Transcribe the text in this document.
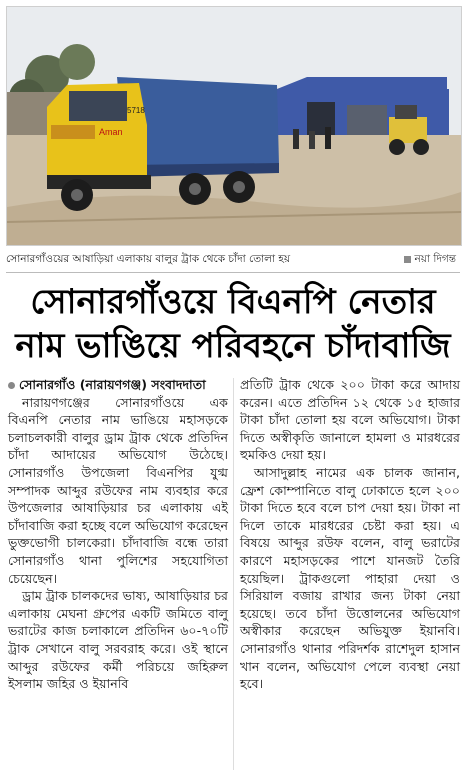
Aman
5718
সোনারগাঁওয়ের আষাড়িয়া এলাকায় বালুর ট্রাক থেকে চাঁদা তোলা হয়	নয়া দিগন্ত
সোনারগাঁওয়ে বিএনপি নেতার
নাম ভাঙিয়ে পরিবহনে চাঁদাবাজি

সোনারগাঁও (নারায়ণগঞ্জ) সংবাদদাতা

নারায়ণগঞ্জের সোনারগাঁওয়ে এক বিএনপি নেতার নাম ভাঙিয়ে মহাসড়কে চলাচলকারী বালুর ড্রাম ট্রাক থেকে প্রতিদিন চাঁদা আদায়ের অভিযোগ উঠেছে। সোনারগাঁও উপজেলা বিএনপির যুগ্ম সম্পাদক আব্দুর রউফের নাম ব্যবহার করে উপজেলার আষাড়িয়ার চর এলাকায় এই চাঁদাবাজি করা হচ্ছে বলে অভিযোগ করেছেন ভুক্তভোগী চালকেরা। চাঁদাবাজি বন্ধে তারা সোনারগাঁও থানা পুলিশের সহযোগিতা চেয়েছেন।

ড্রাম ট্রাক চালকদের ভাষ্য, আষাড়িয়ার চর এলাকায় মেঘনা গ্রুপের একটি জমিতে বালু ভরাটের কাজ চলাকালে প্রতিদিন ৬০-৭০টি ট্রাক সেখানে বালু সরবরাহ করে। ওই স্থানে আব্দুর রউফের কর্মী পরিচয়ে জহিরুল ইসলাম জহির ও ইয়ানবি

প্রতিটি ট্রাক থেকে ২০০ টাকা করে আদায় করেন। এতে প্রতিদিন ১২ থেকে ১৫ হাজার টাকা চাঁদা তোলা হয় বলে অভিযোগ। টাকা দিতে অস্বীকৃতি জানালে হামলা ও মারধরের হুমকিও দেয়া হয়।

আসাদুল্লাহ নামের এক চালক জানান, ফ্রেশ কোম্পানিতে বালু ঢোকাতে হলে ২০০ টাকা দিতে হবে বলে চাপ দেয়া হয়। টাকা না দিলে তাকে মারধরের চেষ্টা করা হয়। এ বিষয়ে আব্দুর রউফ বলেন, বালু ভরাটের কারণে মহাসড়কের পাশে যানজট তৈরি হয়েছিল। ট্রাকগুলো পাহারা দেয়া ও সিরিয়াল বজায় রাখার জন্য টাকা নেয়া হয়েছে। তবে চাঁদা উত্তোলনের অভিযোগ অস্বীকার করেছেন অভিযুক্ত ইয়ানবি। সোনারগাঁও থানার পরিদর্শক রাশেদুল হাসান খান বলেন, অভিযোগ পেলে ব্যবস্থা নেয়া হবে।
